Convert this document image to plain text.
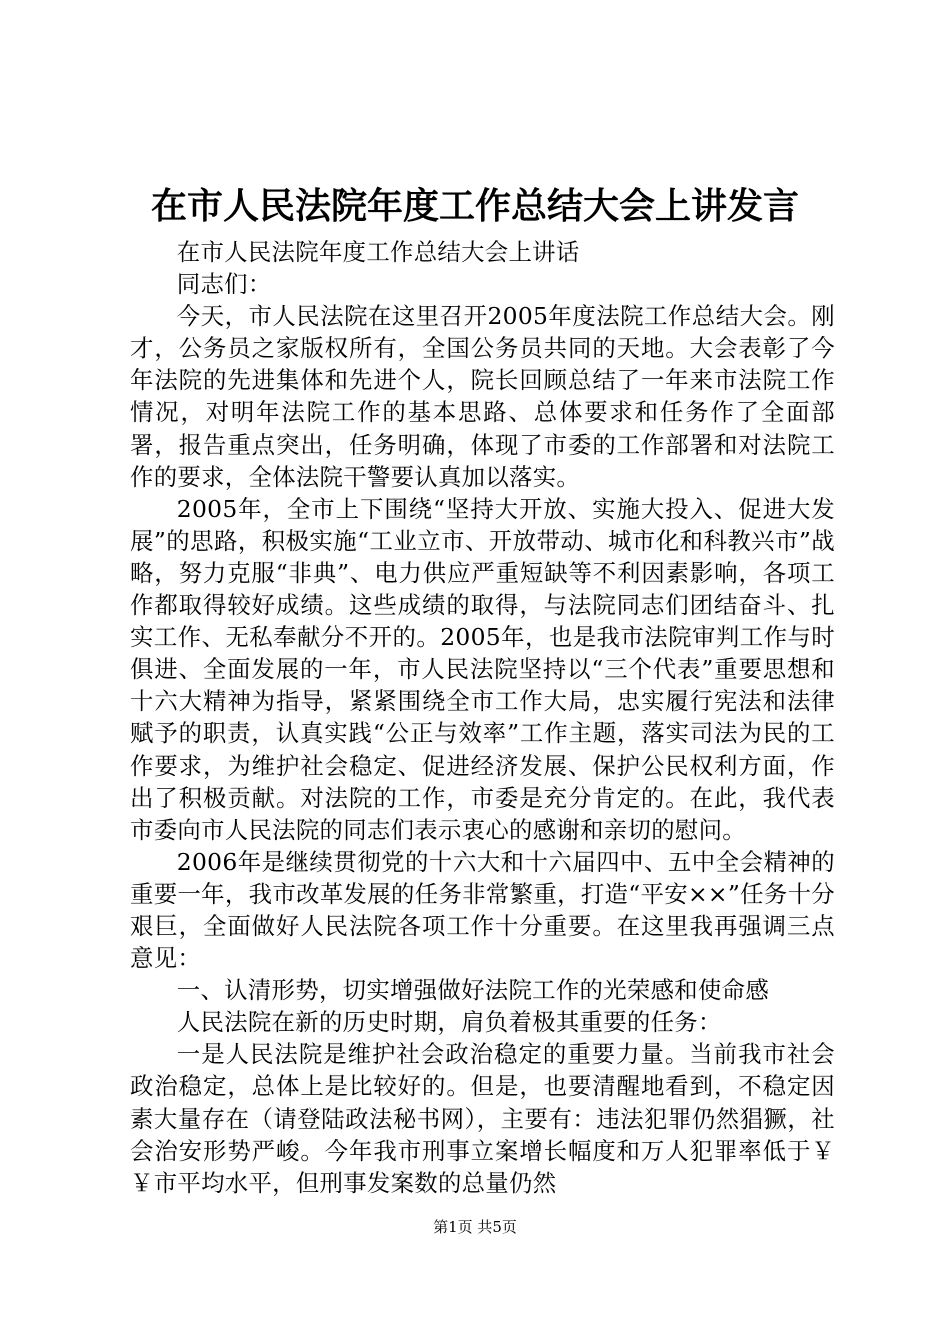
在市人民法院年度工作总结大会上讲发言

在市人民法院年度工作总结大会上讲话

同志们：

今天，市人民法院在这里召开2005年度法院工作总结大会。刚才，公务员之家版权所有，全国公务员共同的天地。大会表彰了今年法院的先进集体和先进个人，院长回顾总结了一年来市法院工作情况，对明年法院工作的基本思路、总体要求和任务作了全面部署，报告重点突出，任务明确，体现了市委的工作部署和对法院工作的要求，全体法院干警要认真加以落实。

2005年，全市上下围绕“坚持大开放、实施大投入、促进大发展”的思路，积极实施“工业立市、开放带动、城市化和科教兴市”战略，努力克服“非典”、电力供应严重短缺等不利因素影响，各项工作都取得较好成绩。这些成绩的取得，与法院同志们团结奋斗、扎实工作、无私奉献分不开的。2005年，也是我市法院审判工作与时俱进、全面发展的一年，市人民法院坚持以“三个代表”重要思想和十六大精神为指导，紧紧围绕全市工作大局，忠实履行宪法和法律赋予的职责，认真实践“公正与效率”工作主题，落实司法为民的工作要求，为维护社会稳定、促进经济发展、保护公民权利方面，作出了积极贡献。对法院的工作，市委是充分肯定的。在此，我代表市委向市人民法院的同志们表示衷心的感谢和亲切的慰问。

2006年是继续贯彻党的十六大和十六届四中、五中全会精神的重要一年，我市改革发展的任务非常繁重，打造“平安××”任务十分艰巨，全面做好人民法院各项工作十分重要。在这里我再强调三点意见：

一、认清形势，切实增强做好法院工作的光荣感和使命感

人民法院在新的历史时期，肩负着极其重要的任务：

一是人民法院是维护社会政治稳定的重要力量。当前我市社会政治稳定，总体上是比较好的。但是，也要清醒地看到，不稳定因素大量存在（请登陆政法秘书网），主要有：违法犯罪仍然猖獗，社会治安形势严峻。今年我市刑事立案增长幅度和万人犯罪率低于￥￥市平均水平，但刑事发案数的总量仍然

第1页 共5页
